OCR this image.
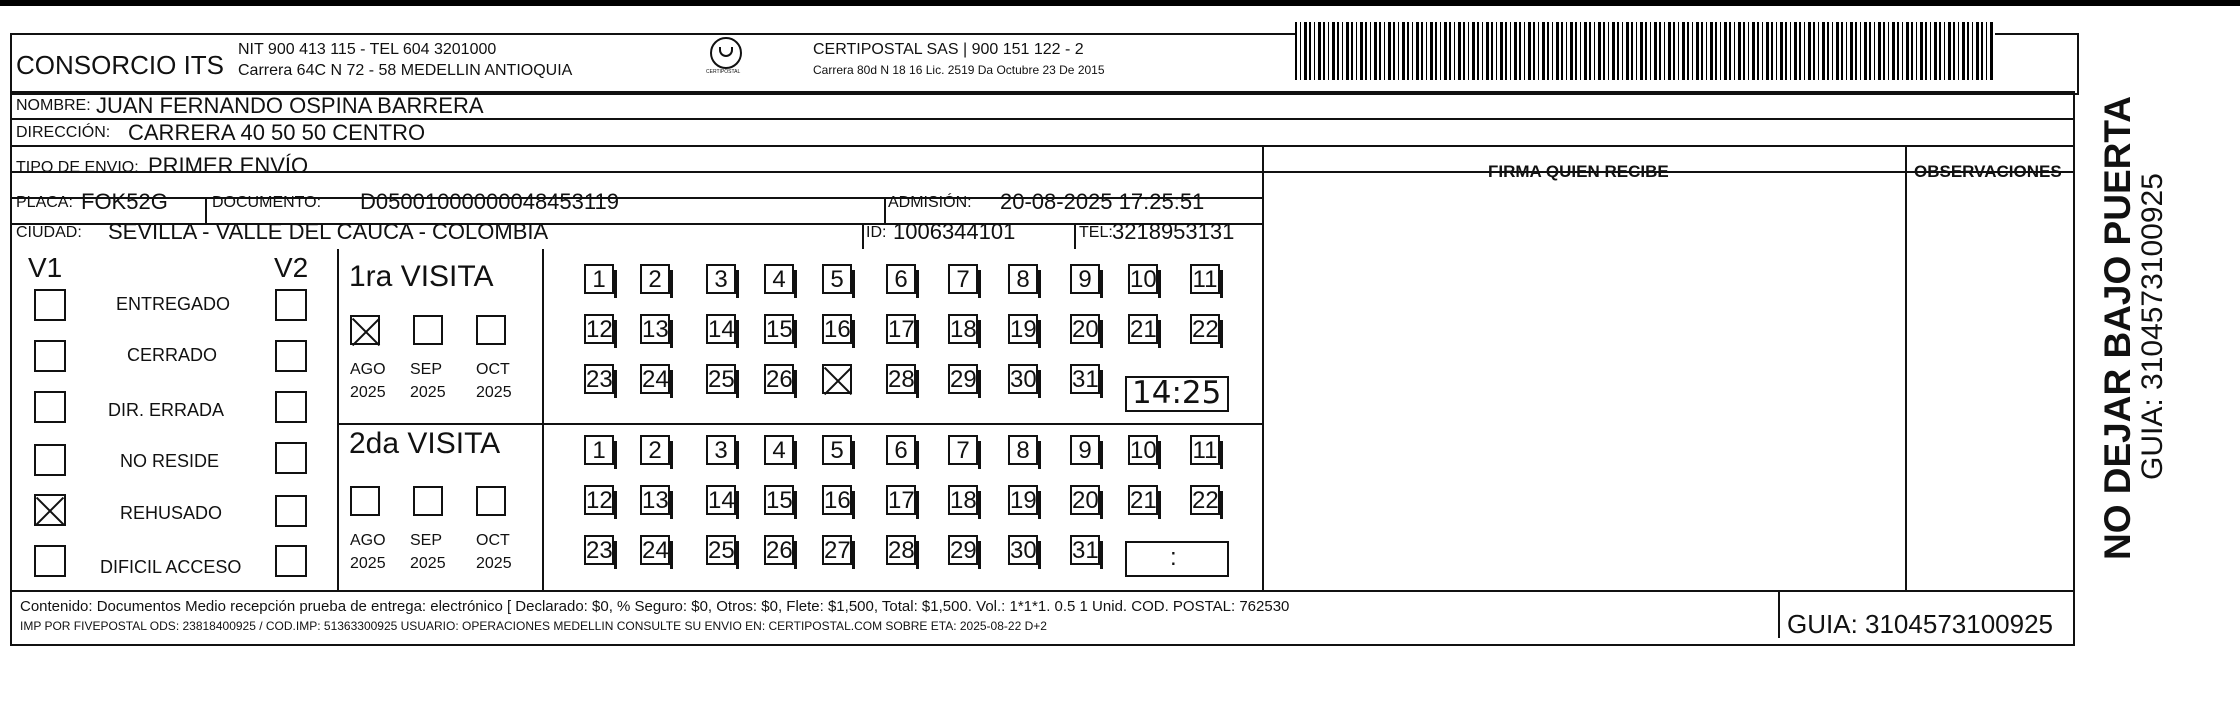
CONSORCIO ITS
NIT 900 413 115 - TEL 604 3201000
Carrera 64C N 72 - 58 MEDELLIN ANTIOQUIA	CERTIPOSTAL
CERTIPOSTAL SAS | 900 151 122 - 2
Carrera 80d N 18 16 Lic. 2519 Da Octubre 23 De 2015
NOMBRE: JUAN FERNANDO OSPINA BARRERA
DIRECCIÓN: CARRERA 40 50 50 CENTRO
TIPO DE ENVIO: PRIMER ENVÍO	FIRMA QUIEN RECIBE	OBSERVACIONES
PLACA: FOK52G	DOCUMENTO: D05001000000048453119	ADMISIÓN: 20-08-2025 17:25:51
CIUDAD: SEVILLA - VALLE DEL CAUCA - COLOMBIA	ID: 1006344101	TEL: 3218953131
V1	V2
ENTREGADO
CERRADO
DIR. ERRADA
NO RESIDE
REHUSADO
DIFICIL ACCESO
1ra VISITA
AGO SEP OCT
2025 2025 2025
2da VISITA
AGO SEP OCT
2025 2025 2025
1	2	3	4	5	6	7	8	9	10 11
12 13 14 15 16 17 18 19 20 21 22
23 24 25 26	28 29 30 31
1	2	3	4	5	6	7	8	9	10 11
12 13 14 15 16 17 18 19 20 21 22
23 24 25 26 27 28 29 30 31
14:25
:
Contenido: Documentos Medio recepción prueba de entrega: electrónico [ Declarado: $0, % Seguro: $0, Otros: $0, Flete: $1,500, Total: $1,500. Vol.: 1*1*1. 0.5 1 Unid. COD. POSTAL: 762530
IMP POR FIVEPOSTAL ODS: 23818400925 / COD.IMP: 51363300925 USUARIO: OPERACIONES MEDELLIN CONSULTE SU ENVIO EN: CERTIPOSTAL.COM SOBRE ETA: 2025-08-22 D+2	GUIA: 3104573100925
NO DEJAR BAJO PUERTA
GUIA: 3104573100925
